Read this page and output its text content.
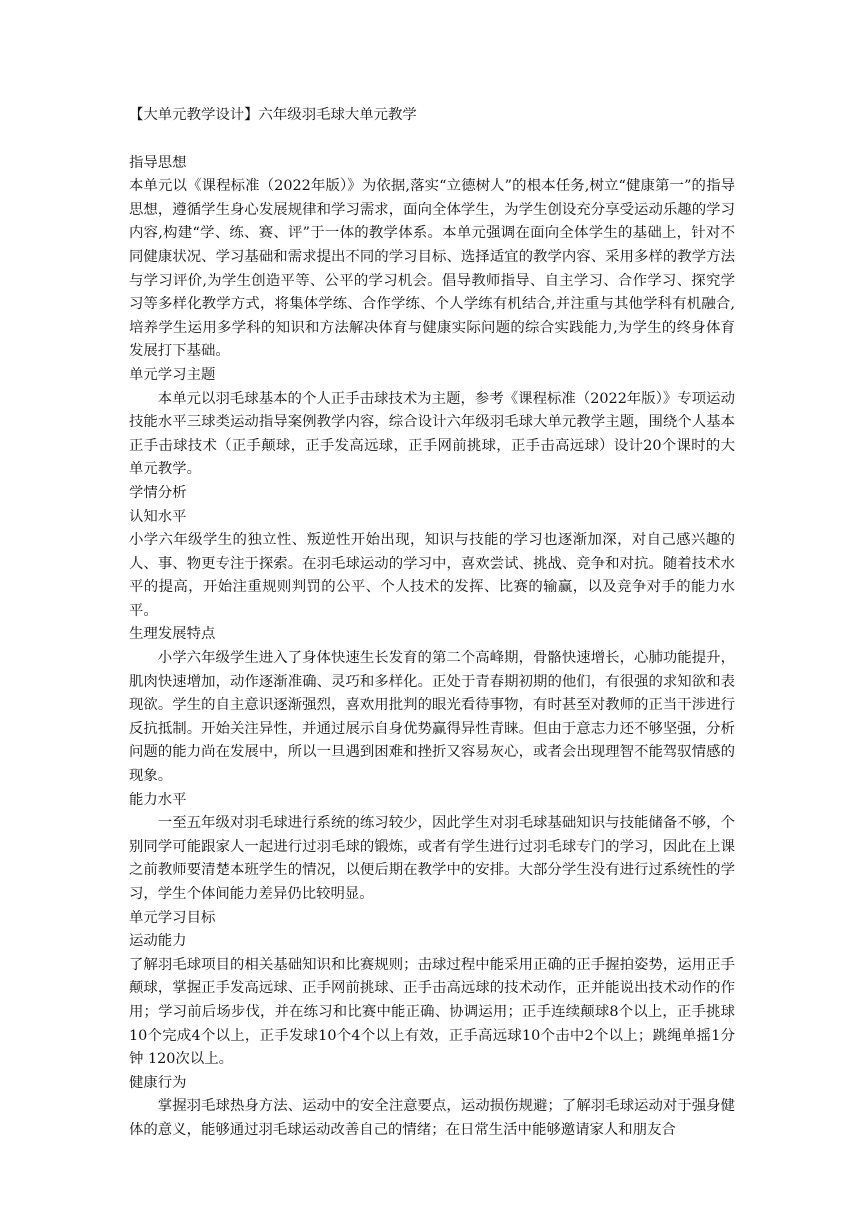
【大单元教学设计】六年级羽毛球大单元教学

指导思想

本单元以《课程标准（2022年版）》为依据,落实“立德树人”的根本任务,树立“健康第一”的指导思想，遵循学生身心发展规律和学习需求，面向全体学生，为学生创设充分享受运动乐趣的学习内容,构建“学、练、赛、评”于一体的教学体系。本单元强调在面向全体学生的基础上，针对不同健康状况、学习基础和需求提出不同的学习目标、选择适宜的教学内容、采用多样的教学方法与学习评价,为学生创造平等、公平的学习机会。倡导教师指导、自主学习、合作学习、探究学习等多样化教学方式，将集体学练、合作学练、个人学练有机结合,并注重与其他学科有机融合,培养学生运用多学科的知识和方法解决体育与健康实际问题的综合实践能力,为学生的终身体育发展打下基础。

单元学习主题

本单元以羽毛球基本的个人正手击球技术为主题，参考《课程标准（2022年版）》专项运动技能水平三球类运动指导案例教学内容，综合设计六年级羽毛球大单元教学主题，围绕个人基本正手击球技术（正手颠球，正手发高远球，正手网前挑球，正手击高远球）设计20个课时的大单元教学。

学情分析

认知水平

小学六年级学生的独立性、叛逆性开始出现，知识与技能的学习也逐渐加深，对自己感兴趣的人、事、物更专注于探索。在羽毛球运动的学习中，喜欢尝试、挑战、竞争和对抗。随着技术水平的提高，开始注重规则判罚的公平、个人技术的发挥、比赛的输赢，以及竞争对手的能力水平。

生理发展特点

小学六年级学生进入了身体快速生长发育的第二个高峰期，骨骼快速增长，心肺功能提升，肌肉快速增加，动作逐渐准确、灵巧和多样化。正处于青春期初期的他们，有很强的求知欲和表现欲。学生的自主意识逐渐强烈，喜欢用批判的眼光看待事物，有时甚至对教师的正当干涉进行反抗抵制。开始关注异性，并通过展示自身优势赢得异性青睐。但由于意志力还不够坚强，分析问题的能力尚在发展中，所以一旦遇到困难和挫折又容易灰心，或者会出现理智不能驾驭情感的现象。

能力水平

一至五年级对羽毛球进行系统的练习较少，因此学生对羽毛球基础知识与技能储备不够，个别同学可能跟家人一起进行过羽毛球的锻炼，或者有学生进行过羽毛球专门的学习，因此在上课之前教师要清楚本班学生的情况，以便后期在教学中的安排。大部分学生没有进行过系统性的学习，学生个体间能力差异仍比较明显。

单元学习目标

运动能力

了解羽毛球项目的相关基础知识和比赛规则；击球过程中能采用正确的正手握拍姿势，运用正手颠球，掌握正手发高远球、正手网前挑球、正手击高远球的技术动作，正并能说出技术动作的作用；学习前后场步伐，并在练习和比赛中能正确、协调运用；正手连续颠球8个以上，正手挑球10个完成4个以上，正手发球10个4个以上有效，正手高远球10个击中2个以上；跳绳单摇1分钟 120次以上。

健康行为

掌握羽毛球热身方法、运动中的安全注意要点，运动损伤规避；了解羽毛球运动对于强身健体的意义，能够通过羽毛球运动改善自己的情绪；在日常生活中能够邀请家人和朋友合
